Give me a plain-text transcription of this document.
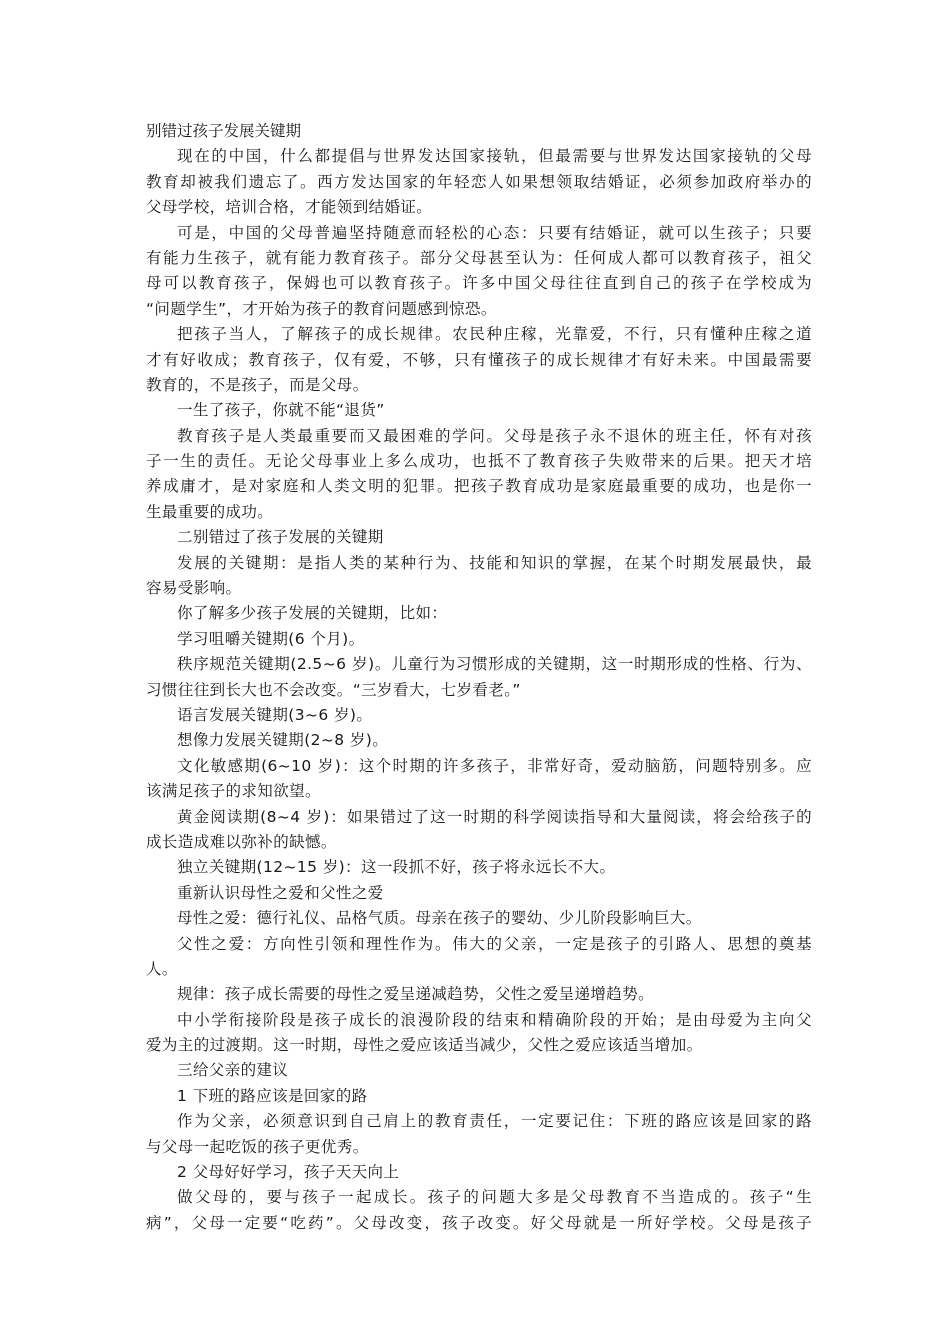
别错过孩子发展关键期
现在的中国，什么都提倡与世界发达国家接轨，但最需要与世界发达国家接轨的父母
教育却被我们遗忘了。西方发达国家的年轻恋人如果想领取结婚证，必须参加政府举办的
父母学校，培训合格，才能领到结婚证。
可是，中国的父母普遍坚持随意而轻松的心态：只要有结婚证，就可以生孩子；只要
有能力生孩子，就有能力教育孩子。部分父母甚至认为：任何成人都可以教育孩子，祖父
母可以教育孩子，保姆也可以教育孩子。许多中国父母往往直到自己的孩子在学校成为
“问题学生”，才开始为孩子的教育问题感到惊恐。
把孩子当人，了解孩子的成长规律。农民种庄稼，光靠爱，不行，只有懂种庄稼之道
才有好收成；教育孩子，仅有爱，不够，只有懂孩子的成长规律才有好未来。中国最需要
教育的，不是孩子，而是父母。
一生了孩子，你就不能“退货”
教育孩子是人类最重要而又最困难的学问。父母是孩子永不退休的班主任，怀有对孩
子一生的责任。无论父母事业上多么成功，也抵不了教育孩子失败带来的后果。把天才培
养成庸才，是对家庭和人类文明的犯罪。把孩子教育成功是家庭最重要的成功，也是你一
生最重要的成功。
二别错过了孩子发展的关键期
发展的关键期：是指人类的某种行为、技能和知识的掌握，在某个时期发展最快，最
容易受影响。
你了解多少孩子发展的关键期，比如：
学习咀嚼关键期(6 个月)。
秩序规范关键期(2.5~6 岁)。儿童行为习惯形成的关键期，这一时期形成的性格、行为、
习惯往往到长大也不会改变。“三岁看大，七岁看老。”
语言发展关键期(3~6 岁)。
想像力发展关键期(2~8 岁)。
文化敏感期(6~10 岁)：这个时期的许多孩子，非常好奇，爱动脑筋，问题特别多。应
该满足孩子的求知欲望。
黄金阅读期(8~4 岁)：如果错过了这一时期的科学阅读指导和大量阅读，将会给孩子的
成长造成难以弥补的缺憾。
独立关键期(12~15 岁)：这一段抓不好，孩子将永远长不大。
重新认识母性之爱和父性之爱
母性之爱：德行礼仪、品格气质。母亲在孩子的婴幼、少儿阶段影响巨大。
父性之爱：方向性引领和理性作为。伟大的父亲，一定是孩子的引路人、思想的奠基
人。
规律：孩子成长需要的母性之爱呈递减趋势，父性之爱呈递增趋势。
中小学衔接阶段是孩子成长的浪漫阶段的结束和精确阶段的开始；是由母爱为主向父
爱为主的过渡期。这一时期，母性之爱应该适当减少，父性之爱应该适当增加。
三给父亲的建议
1 下班的路应该是回家的路
作为父亲，必须意识到自己肩上的教育责任，一定要记住：下班的路应该是回家的路
与父母一起吃饭的孩子更优秀。
2 父母好好学习，孩子天天向上
做父母的，要与孩子一起成长。孩子的问题大多是父母教育不当造成的。孩子“生
病”，父母一定要“吃药”。父母改变，孩子改变。好父母就是一所好学校。父母是孩子
